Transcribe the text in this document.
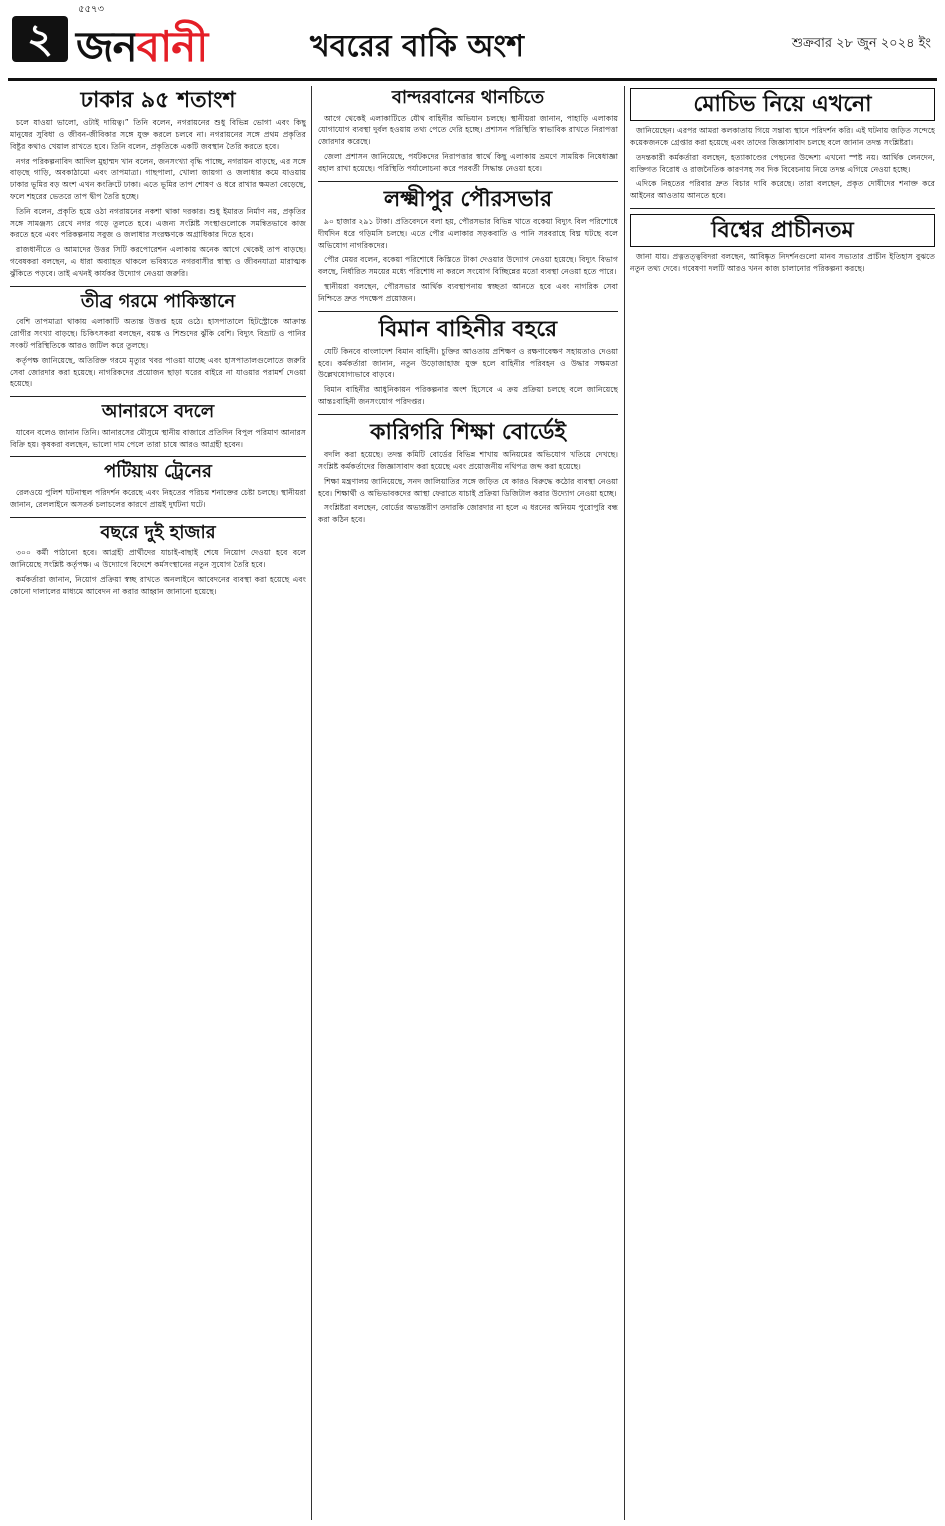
২
৫৫৭৩
জনবানী	খবরের বাকি অংশ	শুক্রবার ২৮ জুন ২০২৪ ইং
ঢাকার ৯৫ শতাংশ

চলে যাওয়া ভালো, ওটাই দায়িত্ব।” তিনি বলেন, নগরায়নের শুধু বিভিন্ন ভোগা এবং কিছু মানুষের সুবিধা ও জীবন-জীবিকার সঙ্গে যুক্ত করলে চলবে না। নগরায়নের সঙ্গে প্রথম প্রকৃতির বিষ্টুর কথাও খেয়াল রাখতে হবে। তিনি বলেন, প্রকৃতিকে একটি জবস্থান তৈরি করতে হবে।

নগর পরিকল্পনাবিদ আদিল মুহাম্মদ খান বলেন, জনসংখ্যা বৃদ্ধি পাচ্ছে, নগরায়ন বাড়ছে, এর সঙ্গে বাড়ছে গাড়ি, অবকাঠামো এবং তাপমাত্রা। গাছপালা, খোলা জায়গা ও জলাধার কমে যাওয়ায় ঢাকার ভূমির বড় অংশ এখন কংক্রিটে ঢাকা। এতে ভূমির তাপ শোষণ ও ধরে রাখার ক্ষমতা বেড়েছে, ফলে শহরের ভেতরে তাপ দ্বীপ তৈরি হচ্ছে।

তিনি বলেন, প্রকৃতি হয়ে ওঠা নগরায়নের নকশা থাকা দরকার। শুধু ইমারত নির্মাণ নয়, প্রকৃতির সঙ্গে সামঞ্জস্য রেখে নগর গড়ে তুলতে হবে। এজন্য সংশ্লিষ্ট সংস্থাগুলোকে সমন্বিতভাবে কাজ করতে হবে এবং পরিকল্পনায় সবুজ ও জলাধার সংরক্ষণকে অগ্রাধিকার দিতে হবে।

রাজধানীতে ও আমাদের উত্তর সিটি করপোরেশন এলাকায় অনেক আগে থেকেই তাপ বাড়ছে। গবেষকরা বলছেন, এ ধারা অব্যাহত থাকলে ভবিষ্যতে নগরবাসীর স্বাস্থ্য ও জীবনযাত্রা মারাত্মক ঝুঁকিতে পড়বে। তাই এখনই কার্যকর উদ্যোগ নেওয়া জরুরি।

তীব্র গরমে পাকিস্তানে

বেশি তাপমাত্রা থাকায় এলাকাটি অত্যন্ত উত্তপ্ত হয়ে ওঠে। হাসপাতালে হিটস্ট্রোকে আক্রান্ত রোগীর সংখ্যা বাড়ছে। চিকিৎসকরা বলছেন, বয়স্ক ও শিশুদের ঝুঁকি বেশি। বিদ্যুৎ বিভ্রাট ও পানির সংকট পরিস্থিতিকে আরও জটিল করে তুলছে।

কর্তৃপক্ষ জানিয়েছে, অতিরিক্ত গরমে মৃত্যুর খবর পাওয়া যাচ্ছে এবং হাসপাতালগুলোতে জরুরি সেবা জোরদার করা হয়েছে। নাগরিকদের প্রয়োজন ছাড়া ঘরের বাইরে না যাওয়ার পরামর্শ দেওয়া হয়েছে।

আনারসে বদলে

যাবেন বলেও জানান তিনি। আনারসের মৌসুমে স্থানীয় বাজারে প্রতিদিন বিপুল পরিমাণ আনারস বিক্রি হয়। কৃষকরা বলছেন, ভালো দাম পেলে তারা চাষে আরও আগ্রহী হবেন।

পটিয়ায় ট্রেনের

রেলওয়ে পুলিশ ঘটনাস্থল পরিদর্শন করেছে এবং নিহতের পরিচয় শনাক্তের চেষ্টা চলছে। স্থানীয়রা জানান, রেললাইনে অসতর্ক চলাচলের কারণে প্রায়ই দুর্ঘটনা ঘটে।

বছরে দুই হাজার

৩০০ কর্মী পাঠানো হবে। আগ্রহী প্রার্থীদের যাচাই-বাছাই শেষে নিয়োগ দেওয়া হবে বলে জানিয়েছে সংশ্লিষ্ট কর্তৃপক্ষ। এ উদ্যোগে বিদেশে কর্মসংস্থানের নতুন সুযোগ তৈরি হবে।

কর্মকর্তারা জানান, নিয়োগ প্রক্রিয়া স্বচ্ছ রাখতে অনলাইনে আবেদনের ব্যবস্থা করা হয়েছে এবং কোনো দালালের মাধ্যমে আবেদন না করার আহ্বান জানানো হয়েছে।

বান্দরবানের থানচিতে

আগে থেকেই এলাকাটিতে যৌথ বাহিনীর অভিযান চলছে। স্থানীয়রা জানান, পাহাড়ি এলাকায় যোগাযোগ ব্যবস্থা দুর্বল হওয়ায় তথ্য পেতে দেরি হচ্ছে। প্রশাসন পরিস্থিতি স্বাভাবিক রাখতে নিরাপত্তা জোরদার করেছে।

জেলা প্রশাসন জানিয়েছে, পর্যটকদের নিরাপত্তার স্বার্থে কিছু এলাকায় ভ্রমণে সাময়িক নিষেধাজ্ঞা বহাল রাখা হয়েছে। পরিস্থিতি পর্যালোচনা করে পরবর্তী সিদ্ধান্ত নেওয়া হবে।

লক্ষ্মীপুর পৌরসভার

৯০ হাজার ২৯১ টাকা। প্রতিবেদনে বলা হয়, পৌরসভার বিভিন্ন খাতে বকেয়া বিদ্যুৎ বিল পরিশোধে দীর্ঘদিন ধরে গড়িমসি চলছে। এতে পৌর এলাকার সড়কবাতি ও পানি সরবরাহে বিঘ্ন ঘটছে বলে অভিযোগ নাগরিকদের।

পৌর মেয়র বলেন, বকেয়া পরিশোধে কিস্তিতে টাকা দেওয়ার উদ্যোগ নেওয়া হয়েছে। বিদ্যুৎ বিভাগ বলছে, নির্ধারিত সময়ের মধ্যে পরিশোধ না করলে সংযোগ বিচ্ছিন্নের মতো ব্যবস্থা নেওয়া হতে পারে।

স্থানীয়রা বলছেন, পৌরসভার আর্থিক ব্যবস্থাপনায় স্বচ্ছতা আনতে হবে এবং নাগরিক সেবা নিশ্চিতে দ্রুত পদক্ষেপ প্রয়োজন।

বিমান বাহিনীর বহরে

যেটি কিনবে বাংলাদেশ বিমান বাহিনী। চুক্তির আওতায় প্রশিক্ষণ ও রক্ষণাবেক্ষণ সহায়তাও দেওয়া হবে। কর্মকর্তারা জানান, নতুন উড়োজাহাজ যুক্ত হলে বাহিনীর পরিবহন ও উদ্ধার সক্ষমতা উল্লেখযোগ্যভাবে বাড়বে।

বিমান বাহিনীর আধুনিকায়ন পরিকল্পনার অংশ হিসেবে এ ক্রয় প্রক্রিয়া চলছে বলে জানিয়েছে আন্তঃবাহিনী জনসংযোগ পরিদপ্তর।

কারিগরি শিক্ষা বোর্ডেই

বদলি করা হয়েছে। তদন্ত কমিটি বোর্ডের বিভিন্ন শাখায় অনিয়মের অভিযোগ খতিয়ে দেখছে। সংশ্লিষ্ট কর্মকর্তাদের জিজ্ঞাসাবাদ করা হয়েছে এবং প্রয়োজনীয় নথিপত্র জব্দ করা হয়েছে।

শিক্ষা মন্ত্রণালয় জানিয়েছে, সনদ জালিয়াতির সঙ্গে জড়িত যে কারও বিরুদ্ধে কঠোর ব্যবস্থা নেওয়া হবে। শিক্ষার্থী ও অভিভাবকদের আস্থা ফেরাতে যাচাই প্রক্রিয়া ডিজিটাল করার উদ্যোগ নেওয়া হচ্ছে।

সংশ্লিষ্টরা বলছেন, বোর্ডের অভ্যন্তরীণ তদারকি জোরদার না হলে এ ধরনের অনিয়ম পুরোপুরি বন্ধ করা কঠিন হবে।

মোচিভ নিয়ে এখনো

জানিয়েছেন। এরপর আমরা কলকাতায় গিয়ে সন্তাব্য স্থানে পরিদর্শন করি। এই ঘটনায় জড়িত সন্দেহে কয়েকজনকে গ্রেপ্তার করা হয়েছে এবং তাদের জিজ্ঞাসাবাদ চলছে বলে জানান তদন্ত সংশ্লিষ্টরা।

তদন্তকারী কর্মকর্তারা বলছেন, হত্যাকাণ্ডের পেছনের উদ্দেশ্য এখনো স্পষ্ট নয়। আর্থিক লেনদেন, ব্যক্তিগত বিরোধ ও রাজনৈতিক কারণসহ সব দিক বিবেচনায় নিয়ে তদন্ত এগিয়ে নেওয়া হচ্ছে।

এদিকে নিহতের পরিবার দ্রুত বিচার দাবি করেছে। তারা বলছেন, প্রকৃত দোষীদের শনাক্ত করে আইনের আওতায় আনতে হবে।

বিশ্বের প্রাচীনতম

জানা যায়। প্রত্নতত্ত্ববিদরা বলছেন, আবিষ্কৃত নিদর্শনগুলো মানব সভ্যতার প্রাচীন ইতিহাস বুঝতে নতুন তথ্য দেবে। গবেষণা দলটি আরও খনন কাজ চালানোর পরিকল্পনা করছে।
